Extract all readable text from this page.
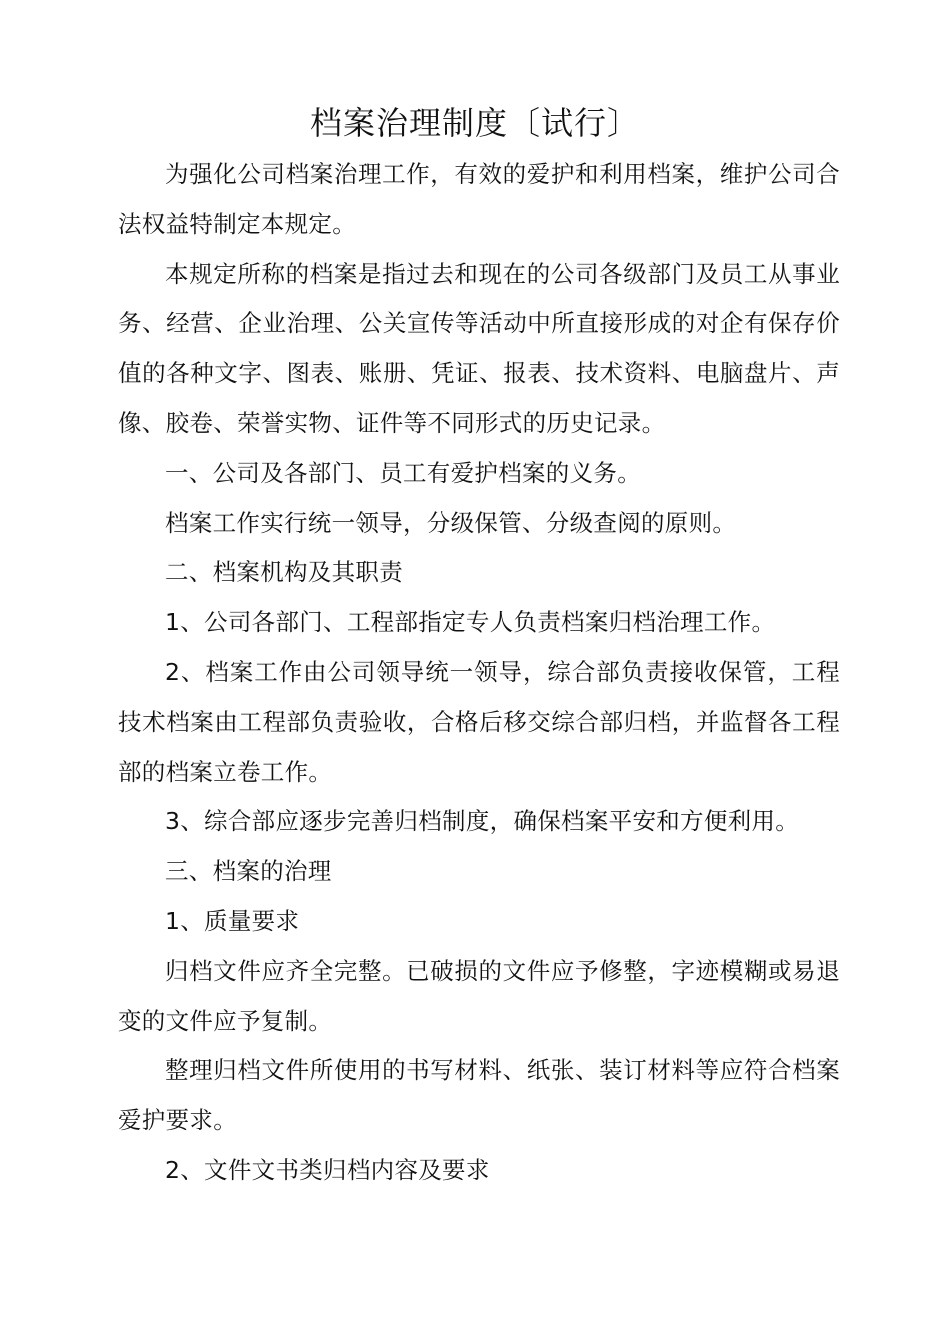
档案治理制度〔试行〕

为强化公司档案治理工作，有效的爱护和利用档案，维护公司合法权益特制定本规定。

本规定所称的档案是指过去和现在的公司各级部门及员工从事业务、经营、企业治理、公关宣传等活动中所直接形成的对企有保存价值的各种文字、图表、账册、凭证、报表、技术资料、电脑盘片、声像、胶卷、荣誉实物、证件等不同形式的历史记录。

一、公司及各部门、员工有爱护档案的义务。

档案工作实行统一领导，分级保管、分级查阅的原则。

二、档案机构及其职责

1、公司各部门、工程部指定专人负责档案归档治理工作。

2、档案工作由公司领导统一领导，综合部负责接收保管，工程技术档案由工程部负责验收，合格后移交综合部归档，并监督各工程部的档案立卷工作。

3、综合部应逐步完善归档制度，确保档案平安和方便利用。

三、档案的治理

1、质量要求

归档文件应齐全完整。已破损的文件应予修整，字迹模糊或易退变的文件应予复制。

整理归档文件所使用的书写材料、纸张、装订材料等应符合档案爱护要求。

2、文件文书类归档内容及要求
